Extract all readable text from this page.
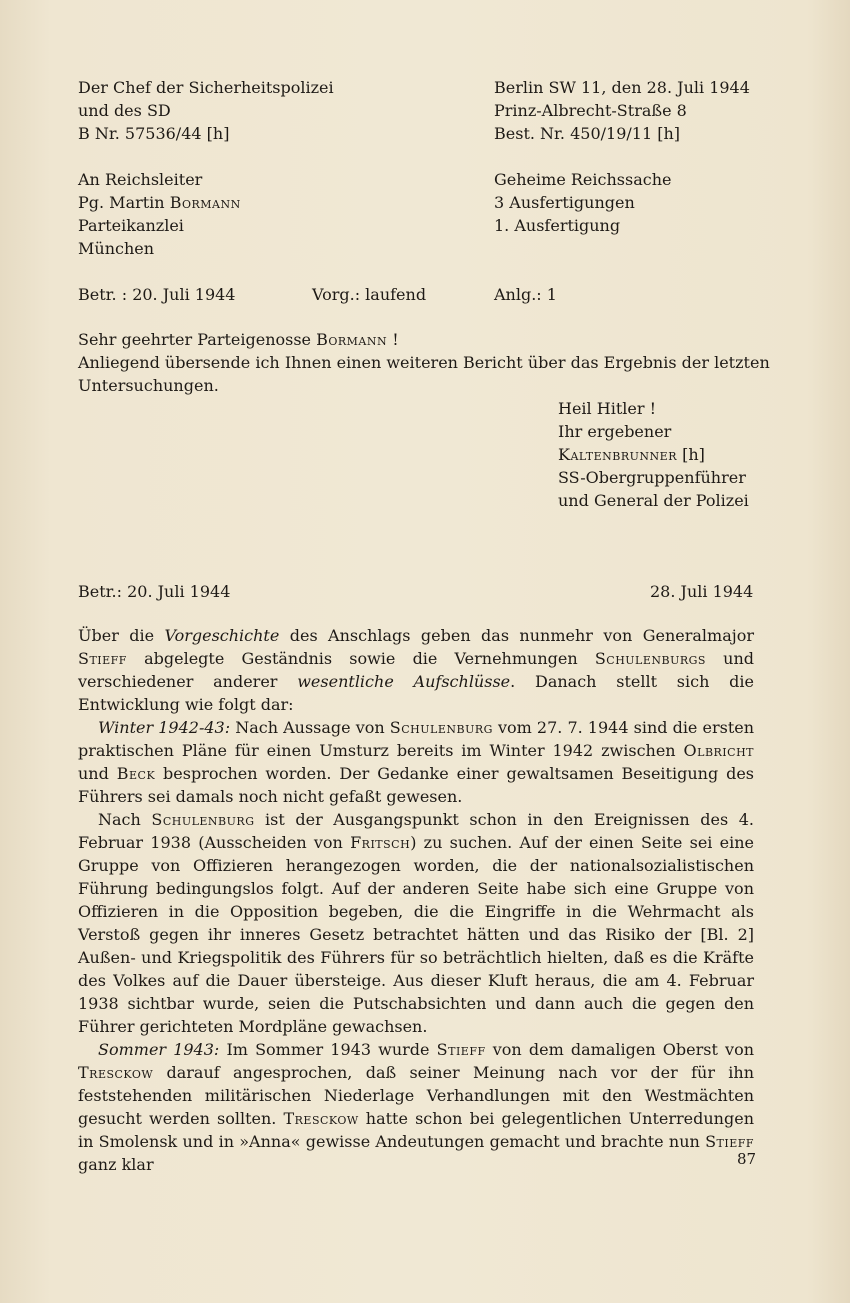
Der Chef der Sicherheitspolizei
und des SD
B Nr. 57536/44 [h]
Berlin SW 11, den 28. Juli 1944
Prinz-Albrecht-Straße 8
Best. Nr. 450/19/11 [h]
An Reichsleiter
Pg. Martin Bormann
Parteikanzlei
München
Geheime Reichssache
3 Ausfertigungen
1. Ausfertigung
Betr. : 20. Juli 1944	Vorg.: laufend	Anlg.: 1
Sehr geehrter Parteigenosse Bormann !
Anliegend übersende ich Ihnen einen weiteren Bericht über das Ergebnis der letzten
Untersuchungen.
Heil Hitler !
Ihr ergebener
Kaltenbrunner [h]
SS-Obergruppenführer
und General der Polizei
Betr.: 20. Juli 1944	28. Juli 1944

Über die Vorgeschichte des Anschlags geben das nunmehr von Generalmajor Stieff abgelegte Geständnis sowie die Vernehmungen Schulenburgs und verschiedener anderer wesentliche Aufschlüsse. Danach stellt sich die Entwicklung wie folgt dar:

Winter 1942-43: Nach Aussage von Schulenburg vom 27. 7. 1944 sind die ersten praktischen Pläne für einen Umsturz bereits im Winter 1942 zwischen Olbricht und Beck besprochen worden. Der Gedanke einer gewaltsamen Beseitigung des Führers sei damals noch nicht gefaßt gewesen.

Nach Schulenburg ist der Ausgangspunkt schon in den Ereignissen des 4. Februar 1938 (Ausscheiden von Fritsch) zu suchen. Auf der einen Seite sei eine Gruppe von Offizieren herangezogen worden, die der nationalsozialistischen Führung bedingungslos folgt. Auf der anderen Seite habe sich eine Gruppe von Offizieren in die Opposition begeben, die die Eingriffe in die Wehrmacht als Verstoß gegen ihr inneres Gesetz betrachtet hätten und das Risiko der [Bl. 2] Außen- und Kriegspolitik des Führers für so beträchtlich hielten, daß es die Kräfte des Volkes auf die Dauer übersteige. Aus dieser Kluft heraus, die am 4. Februar 1938 sichtbar wurde, seien die Putschabsichten und dann auch die gegen den Führer gerichteten Mordpläne gewachsen.

Sommer 1943: Im Sommer 1943 wurde Stieff von dem damaligen Oberst von Tresckow darauf angesprochen, daß seiner Meinung nach vor der für ihn feststehenden militärischen Niederlage Verhandlungen mit den Westmächten gesucht werden sollten. Tresckow hatte schon bei gelegentlichen Unterredungen in Smolensk und in »Anna« gewisse Andeutungen gemacht und brachte nun Stieff ganz klar	87
